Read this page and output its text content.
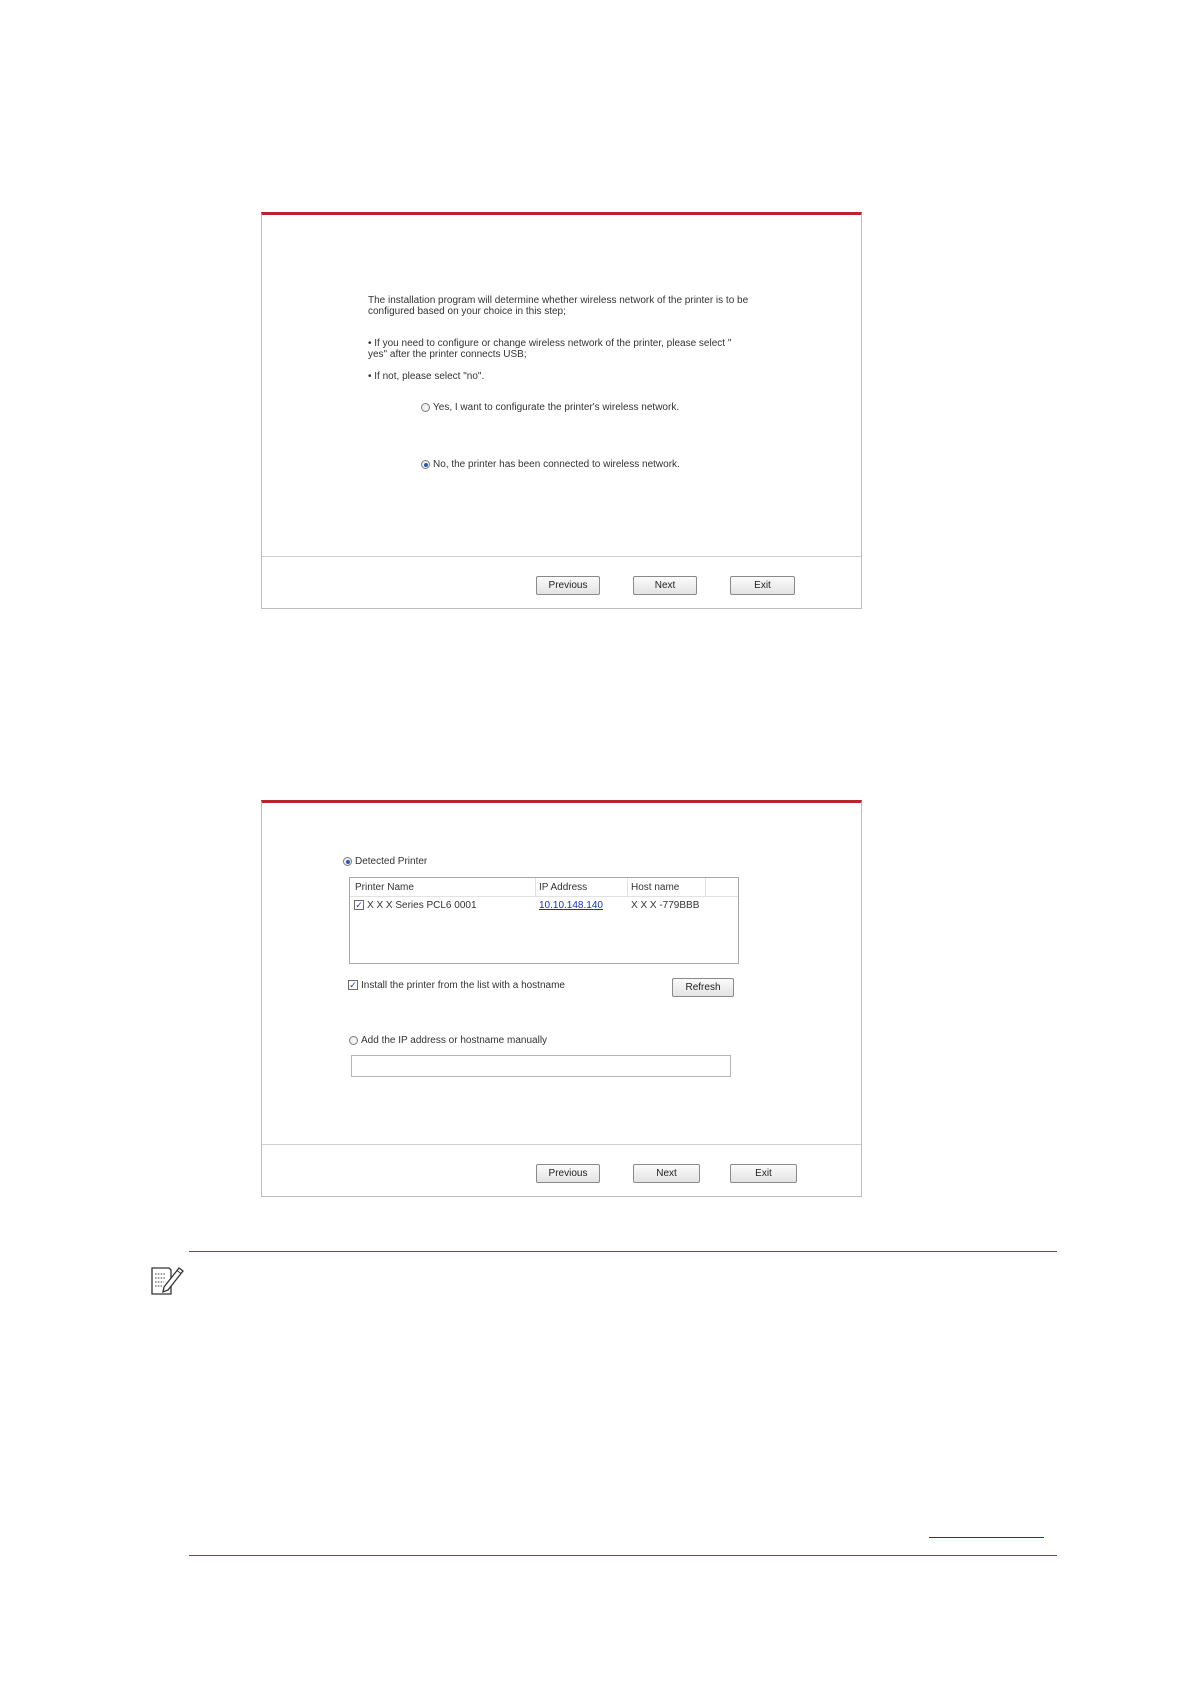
The installation program will determine whether wireless network of the printer is to be
configured based on your choice in this step;
• If you need to configure or change wireless network of the printer, please select "
yes" after the printer connects USB;
• If not, please select "no".
Yes, I want to configurate the printer's wireless network.
No, the printer has been connected to wireless network.
Previous	Next	Exit
Detected Printer
Printer Name	IP Address	Host name
✓ X X X Series PCL6 0001	10.10.148.140	X X X -779BBB
✓ Install the printer from the list with a hostname	Refresh
Add the IP address or hostname manually
Previous	Next	Exit
